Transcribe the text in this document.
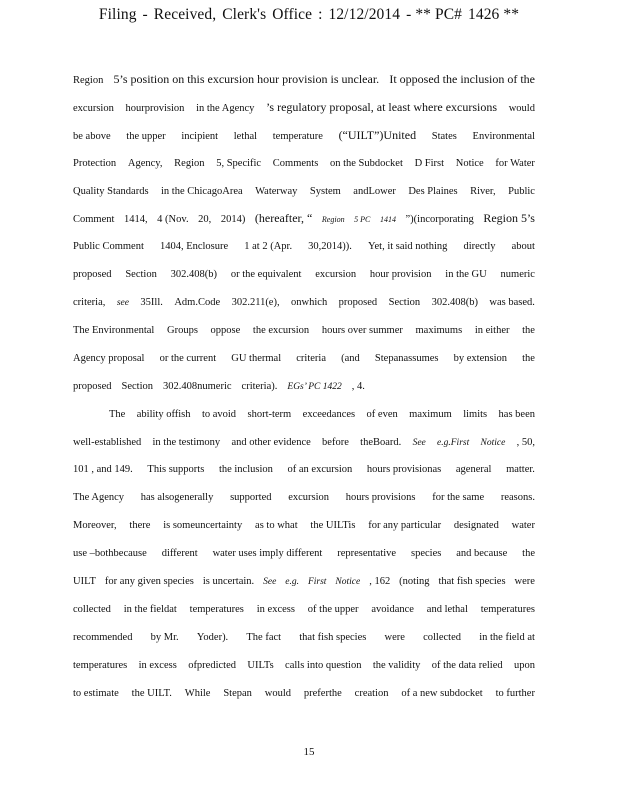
Filing - Received, Clerk's Office : 12/12/2014 - ** PC# 1426 **
Region 5’s position on this excursion hour provision is unclear. It opposed the inclusion of the
excursion hourprovision in the Agency ’s regulatory proposal, at least where excursions would
be above the upper incipient lethal temperature (“UILT”)United States Environmental
Protection Agency, Region 5, Specific Comments on the Subdocket D First Notice for Water
Quality Standards in the ChicagoArea Waterway System andLower Des Plaines River, Public
Comment 1414, 4 (Nov. 20, 2014) (hereafter, “ Region 5 PC 1414 ”)(incorporating Region 5’s
Public Comment 1404, Enclosure 1 at 2 (Apr. 30,2014)). Yet, it said nothing directly about
proposed Section 302.408(b) or the equivalent excursion hour provision in the GU numeric
criteria, see 35Ill. Adm.Code 302.211(e), onwhich proposed Section 302.408(b) was based.
The Environmental Groups oppose the excursion hours over summer maximums in either the
Agency proposal or the current GU thermal criteria (and Stepanassumes by extension the
proposed Section 302.408numeric criteria). EGs’ PC 1422 , 4.
The ability offish to avoid short-term exceedances of even maximum limits has been
well-established in the testimony and other evidence before theBoard. See e.g.First Notice , 50,
101 , and 149. This supports the inclusion of an excursion hours provisionas ageneral matter.
The Agency has alsogenerally supported excursion hours provisions for the same reasons.
Moreover, there is someuncertainty as to what the UILTis for any particular designated water
use –bothbecause different water uses imply different representative species and because the
UILT for any given species is uncertain. See e.g. First Notice , 162 (noting that fish species were
collected in the fieldat temperatures in excess of the upper avoidance and lethal temperatures
recommended by Mr. Yoder). The fact that fish species were collected in the field at
temperatures in excess ofpredicted UILTs calls into question the validity of the data relied upon
to estimate the UILT. While Stepan would preferthe creation of a new subdocket to further
15
